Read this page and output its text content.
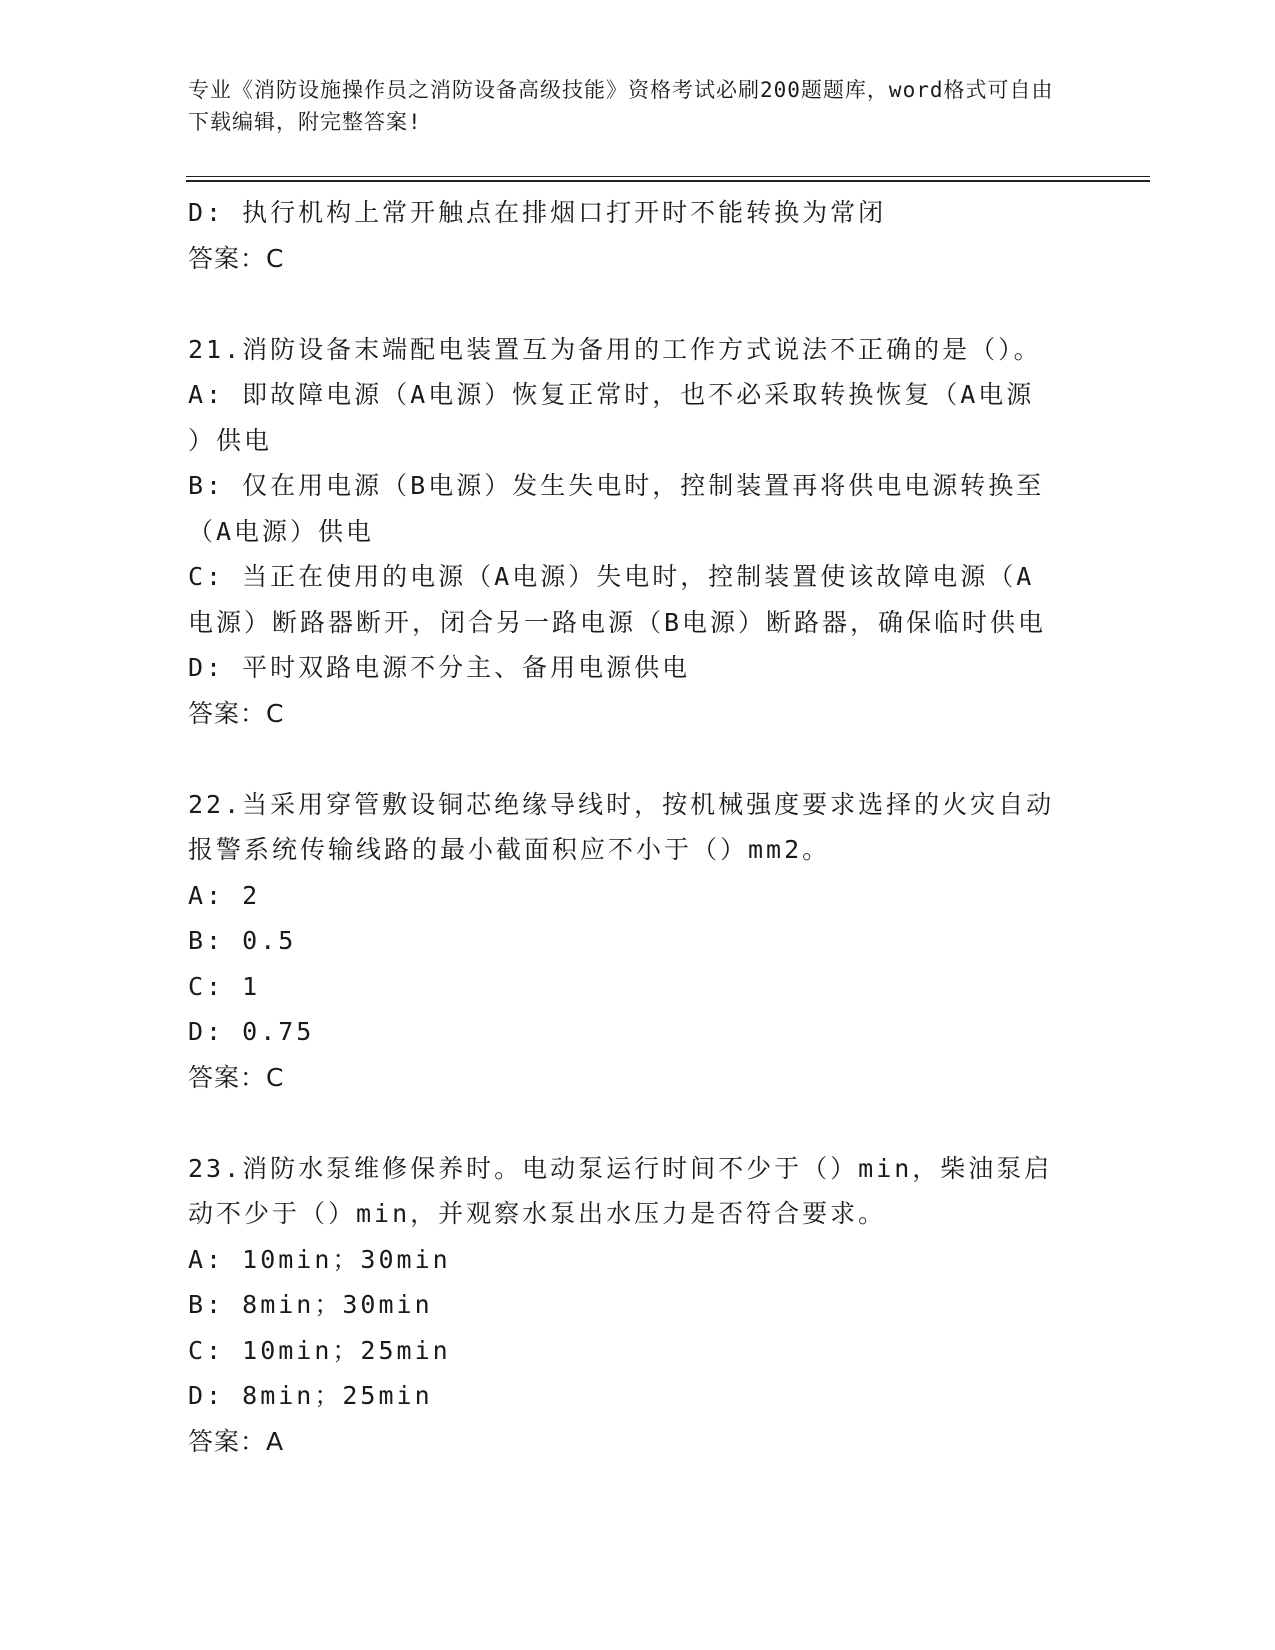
专业《消防设施操作员之消防设备高级技能》资格考试必刷200题题库，word格式可自由下载编辑，附完整答案!
D: 执行机构上常开触点在排烟口打开时不能转换为常闭
答案：C
21.消防设备末端配电装置互为备用的工作方式说法不正确的是（）。
A: 即故障电源（A电源）恢复正常时，也不必采取转换恢复（A电源
）供电
B: 仅在用电源（B电源）发生失电时，控制装置再将供电电源转换至
（A电源）供电
C: 当正在使用的电源（A电源）失电时，控制装置使该故障电源（A
电源）断路器断开，闭合另一路电源（B电源）断路器，确保临时供电
D: 平时双路电源不分主、备用电源供电
答案：C
22.当采用穿管敷设铜芯绝缘导线时，按机械强度要求选择的火灾自动
报警系统传输线路的最小截面积应不小于（）mm2。
A: 2
B: 0.5
C: 1
D: 0.75
答案：C
23.消防水泵维修保养时。电动泵运行时间不少于（）min，柴油泵启
动不少于（）min，并观察水泵出水压力是否符合要求。
A: 10min；30min
B: 8min；30min
C: 10min；25min
D: 8min；25min
答案：A
